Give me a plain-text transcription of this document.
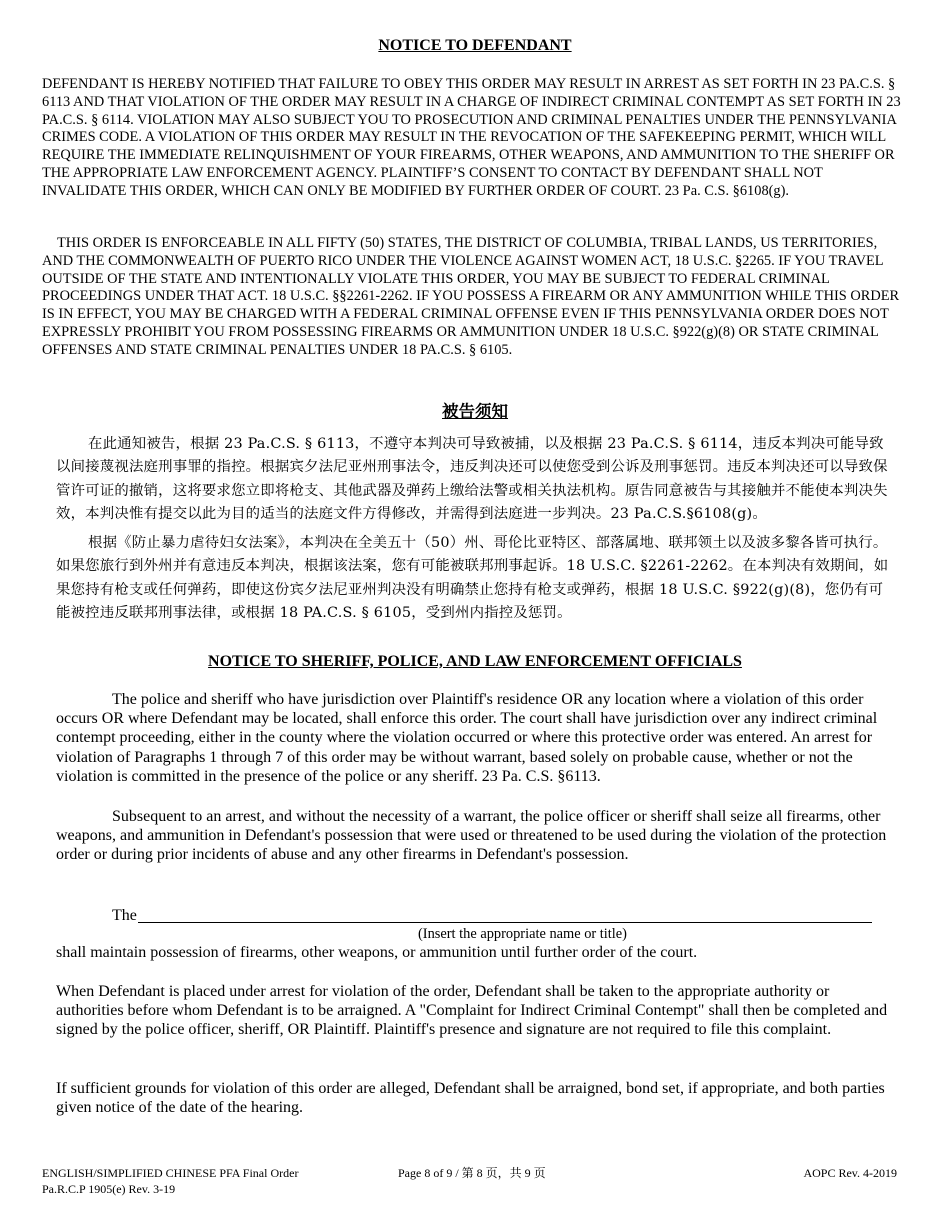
NOTICE TO DEFENDANT

DEFENDANT IS HEREBY NOTIFIED THAT FAILURE TO OBEY THIS ORDER MAY RESULT IN ARREST AS SET FORTH IN 23 PA.C.S. § 6113 AND THAT VIOLATION OF THE ORDER MAY RESULT IN A CHARGE OF INDIRECT CRIMINAL CONTEMPT AS SET FORTH IN 23 PA.C.S. § 6114. VIOLATION MAY ALSO SUBJECT YOU TO PROSECUTION AND CRIMINAL PENALTIES UNDER THE PENNSYLVANIA CRIMES CODE. A VIOLATION OF THIS ORDER MAY RESULT IN THE REVOCATION OF THE SAFEKEEPING PERMIT, WHICH WILL REQUIRE THE IMMEDIATE RELINQUISHMENT OF YOUR FIREARMS, OTHER WEAPONS, AND AMMUNITION TO THE SHERIFF OR THE APPROPRIATE LAW ENFORCEMENT AGENCY. PLAINTIFF’S CONSENT TO CONTACT BY DEFENDANT SHALL NOT INVALIDATE THIS ORDER, WHICH CAN ONLY BE MODIFIED BY FURTHER ORDER OF COURT. 23 Pa. C.S. §6108(g).

THIS ORDER IS ENFORCEABLE IN ALL FIFTY (50) STATES, THE DISTRICT OF COLUMBIA, TRIBAL LANDS, US TERRITORIES, AND THE COMMONWEALTH OF PUERTO RICO UNDER THE VIOLENCE AGAINST WOMEN ACT, 18 U.S.C. §2265. IF YOU TRAVEL OUTSIDE OF THE STATE AND INTENTIONALLY VIOLATE THIS ORDER, YOU MAY BE SUBJECT TO FEDERAL CRIMINAL PROCEEDINGS UNDER THAT ACT. 18 U.S.C. §§2261-2262. IF YOU POSSESS A FIREARM OR ANY AMMUNITION WHILE THIS ORDER IS IN EFFECT, YOU MAY BE CHARGED WITH A FEDERAL CRIMINAL OFFENSE EVEN IF THIS PENNSYLVANIA ORDER DOES NOT EXPRESSLY PROHIBIT YOU FROM POSSESSING FIREARMS OR AMMUNITION UNDER 18 U.S.C. §922(g)(8) OR STATE CRIMINAL OFFENSES AND STATE CRIMINAL PENALTIES UNDER 18 PA.C.S. § 6105.

被告须知

在此通知被告，根据 23 Pa.C.S. § 6113，不遵守本判决可导致被捕，以及根据 23 Pa.C.S. § 6114，违反本判决可能导致以间接蔑视法庭刑事罪的指控。根据宾夕法尼亚州刑事法令，违反判决还可以使您受到公诉及刑事惩罚。违反本判决还可以导致保管许可证的撤销，这将要求您立即将枪支、其他武器及弹药上缴给法警或相关执法机构。原告同意被告与其接触并不能使本判决失效，本判决惟有提交以此为目的适当的法庭文件方得修改，并需得到法庭进一步判决。23 Pa.C.S.§6108(g)。

根据《防止暴力虐待妇女法案》，本判决在全美五十（50）州、哥伦比亚特区、部落属地、联邦领土以及波多黎各皆可执行。如果您旅行到外州并有意违反本判决，根据该法案，您有可能被联邦刑事起诉。18 U.S.C. §2261-2262。在本判决有效期间，如果您持有枪支或任何弹药，即使这份宾夕法尼亚州判决没有明确禁止您持有枪支或弹药，根据 18 U.S.C. §922(g)(8)，您仍有可能被控违反联邦刑事法律，或根据 18 PA.C.S. § 6105，受到州内指控及惩罚。

NOTICE TO SHERIFF, POLICE, AND LAW ENFORCEMENT OFFICIALS

The police and sheriff who have jurisdiction over Plaintiff's residence OR any location where a violation of this order occurs OR where Defendant may be located, shall enforce this order. The court shall have jurisdiction over any indirect criminal contempt proceeding, either in the county where the violation occurred or where this protective order was entered. An arrest for violation of Paragraphs 1 through 7 of this order may be without warrant, based solely on probable cause, whether or not the violation is committed in the presence of the police or any sheriff. 23 Pa. C.S. §6113.

Subsequent to an arrest, and without the necessity of a warrant, the police officer or sheriff shall seize all firearms, other weapons, and ammunition in Defendant's possession that were used or threatened to be used during the violation of the protection order or during prior incidents of abuse and any other firearms in Defendant's possession.

The
(Insert the appropriate name or title)

shall maintain possession of firearms, other weapons, or ammunition until further order of the court.

When Defendant is placed under arrest for violation of the order, Defendant shall be taken to the appropriate authority or authorities before whom Defendant is to be arraigned. A "Complaint for Indirect Criminal Contempt" shall then be completed and signed by the police officer, sheriff, OR Plaintiff. Plaintiff's presence and signature are not required to file this complaint.

If sufficient grounds for violation of this order are alleged, Defendant shall be arraigned, bond set, if appropriate, and both parties given notice of the date of the hearing.

ENGLISH/SIMPLIFIED CHINESE PFA Final Order
Pa.R.C.P 1905(e) Rev. 3-19
Page 8 of 9 / 第 8 页，共 9 页	AOPC Rev. 4-2019
